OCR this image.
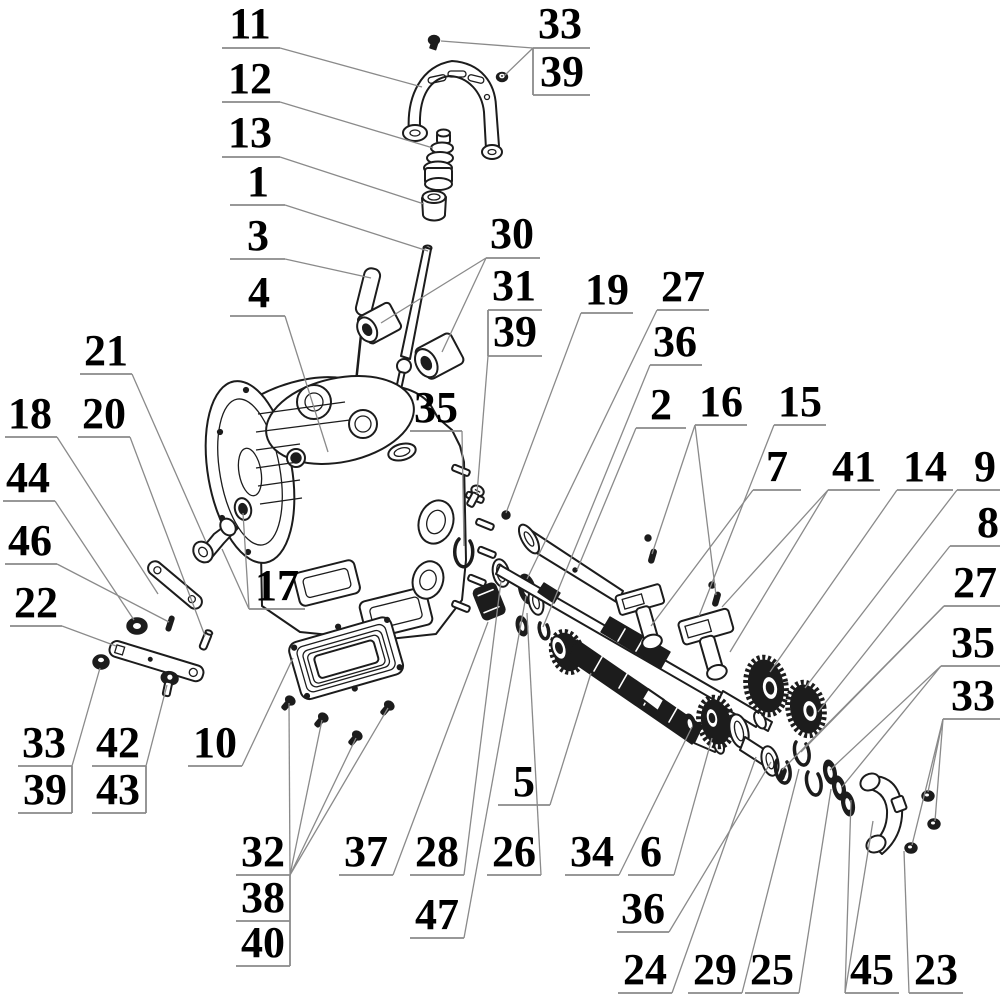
11
12
13
1
3
4
33
39
30
31
39
35
19 27
36
2 16 15
7 41 14 9
8
27
35
33
21
18 20
44
46
22	17
33
39
42
43
10
32
38
40
37 28
47
26
5
34 6
36
24 29 25 45 23
